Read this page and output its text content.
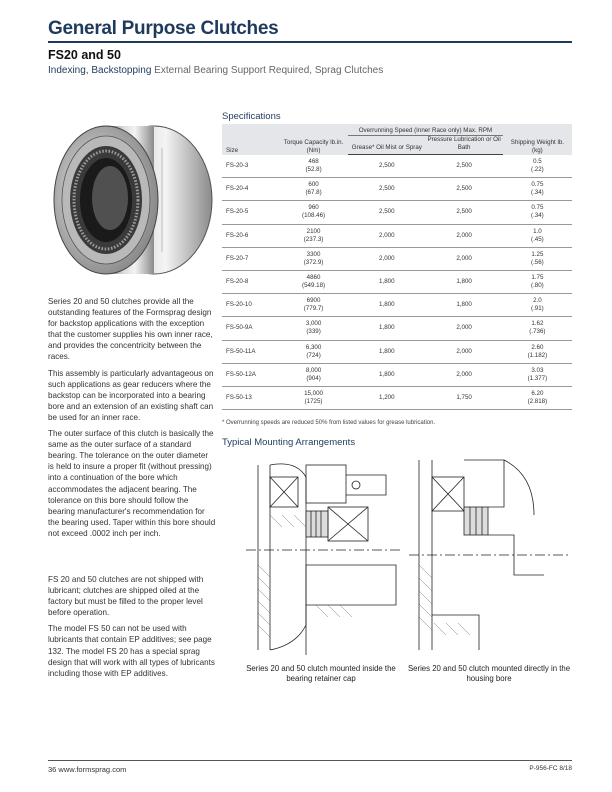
General Purpose Clutches
FS20 and 50
Indexing, Backstopping External Bearing Support Required, Sprag Clutches

Series 20 and 50 clutches provide all the outstanding features of the Formsprag design for backstop applications with the exception that the customer supplies his own inner race, and provides the concentricity between the races.

This assembly is particularly advantageous on such applications as gear reducers where the backstop can be incorporated into a bearing bore and an extension of an existing shaft can be used for an inner race.

The outer surface of this clutch is basically the same as the outer surface of a standard bearing. The tolerance on the outer diameter is held to insure a proper fit (without pressing) into a continuation of the bore which accommodates the adjacent bearing. The tolerance on this bore should follow the bearing manufacturer's recommendation for the bearing used. Taper within this bore should not exceed .0002 inch per inch.

FS 20 and 50 clutches are not shipped with lubricant; clutches are shipped oiled at the factory but must be filled to the proper level before operation.

The model FS 50 can not be used with lubricants that contain EP additives; see page 132. The model FS 20 has a special sprag design that will work with all types of lubricants including those with EP additives.

Specifications
Size	Torque Capacity lb.in. (Nm)	Overrunning Speed (Inner Race only) Max. RPM		Shipping Weight lb. (kg)
		Grease* Oil Mist or Spray	Pressure Lubrication or Oil Bath	
FS-20-3	468
(52.8)	2,500	2,500	0.5
(.22)
FS-20-4	600
(67.8)	2,500	2,500	0.75
(.34)
FS-20-5	960
(108.46)	2,500	2,500	0.75
(.34)
FS-20-6	2100
(237.3)	2,000	2,000	1.0
(.45)
FS-20-7	3300
(372.9)	2,000	2,000	1.25
(.56)
FS-20-8	4860
(549.18)	1,800	1,800	1.75
(.80)
FS-20-10	6900
(779.7)	1,800	1,800	2.0
(.91)
FS-50-9A	3,000
(339)	1,800	2,000	1.62
(.736)
FS-50-11A	6,300
(724)	1,800	2,000	2.60
(1.182)
FS-50-12A	8,000
(904)	1,800	2,000	3.03
(1.377)
FS-50-13	15,000
(1725)	1,200	1,750	6.20
(2.818)
* Overrunning speeds are reduced 50% from listed values for grease lubrication.
Typical Mounting Arrangements
Series 20 and 50 clutch mounted inside the bearing retainer cap
Series 20 and 50 clutch mounted directly in the housing bore
36 www.formsprag.com	P-956-FC 8/18
